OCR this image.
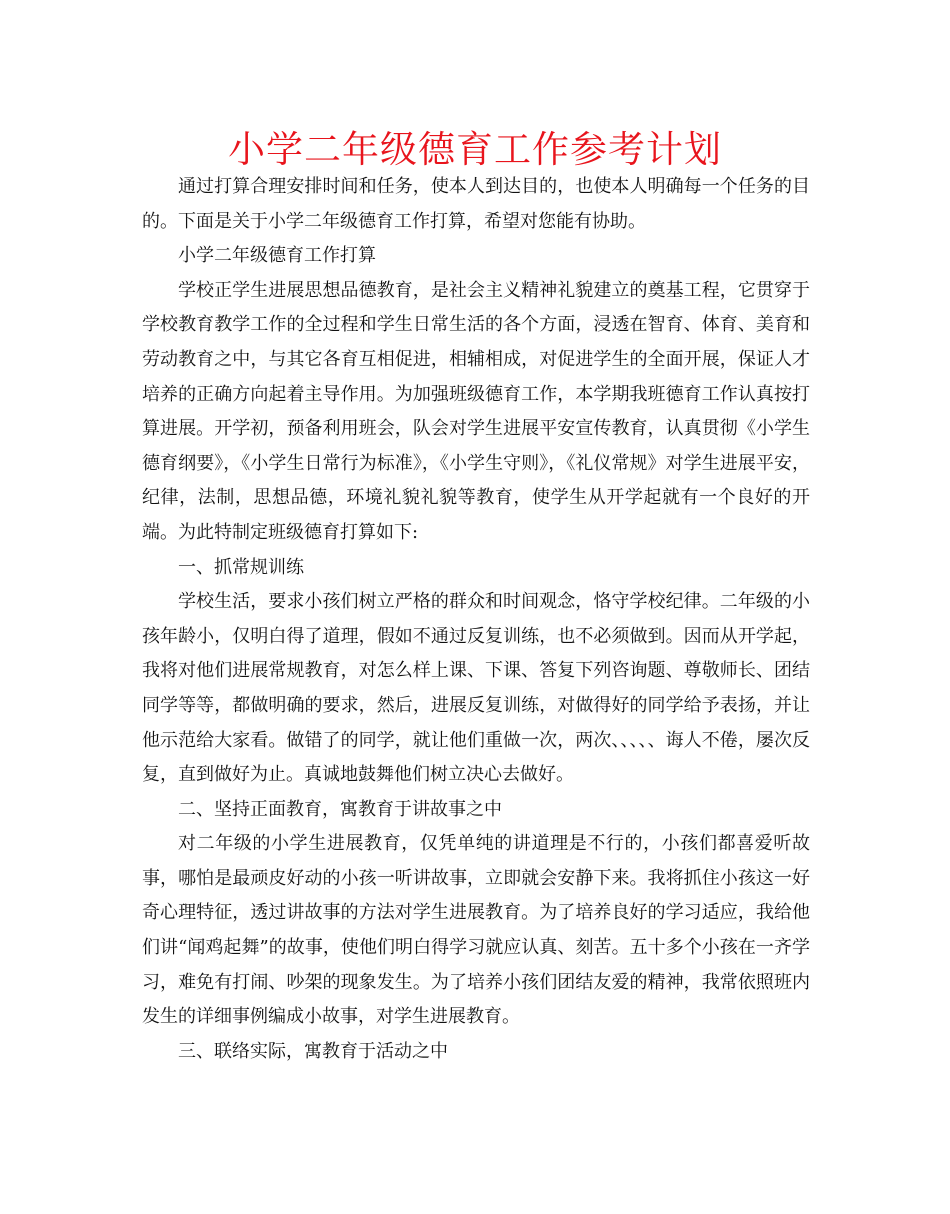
小学二年级德育工作参考计划

通过打算合理安排时间和任务，使本人到达目的，也使本人明确每一个任务的目的。下面是关于小学二年级德育工作打算，希望对您能有协助。

小学二年级德育工作打算

学校正学生进展思想品德教育，是社会主义精神礼貌建立的奠基工程，它贯穿于学校教育教学工作的全过程和学生日常生活的各个方面，浸透在智育、体育、美育和劳动教育之中，与其它各育互相促进，相辅相成，对促进学生的全面开展，保证人才培养的正确方向起着主导作用。为加强班级德育工作，本学期我班德育工作认真按打算进展。开学初，预备利用班会，队会对学生进展平安宣传教育，认真贯彻《小学生德育纲要》，《小学生日常行为标准》，《小学生守则》，《礼仪常规》对学生进展平安，纪律，法制，思想品德，环境礼貌礼貌等教育，使学生从开学起就有一个良好的开端。为此特制定班级德育打算如下:

一、抓常规训练

学校生活，要求小孩们树立严格的群众和时间观念，恪守学校纪律。二年级的小孩年龄小，仅明白得了道理，假如不通过反复训练，也不必须做到。因而从开学起，我将对他们进展常规教育，对怎么样上课、下课、答复下列咨询题、尊敬师长、团结同学等等，都做明确的要求，然后，进展反复训练，对做得好的同学给予表扬，并让他示范给大家看。做错了的同学，就让他们重做一次，两次、、、、、诲人不倦，屡次反复，直到做好为止。真诚地鼓舞他们树立决心去做好。

二、坚持正面教育，寓教育于讲故事之中

对二年级的小学生进展教育，仅凭单纯的讲道理是不行的，小孩们都喜爱听故事，哪怕是最顽皮好动的小孩一听讲故事，立即就会安静下来。我将抓住小孩这一好奇心理特征，透过讲故事的方法对学生进展教育。为了培养良好的学习适应，我给他们讲“闻鸡起舞”的故事，使他们明白得学习就应认真、刻苦。五十多个小孩在一齐学习，难免有打闹、吵架的现象发生。为了培养小孩们团结友爱的精神，我常依照班内发生的详细事例编成小故事，对学生进展教育。

三、联络实际，寓教育于活动之中
